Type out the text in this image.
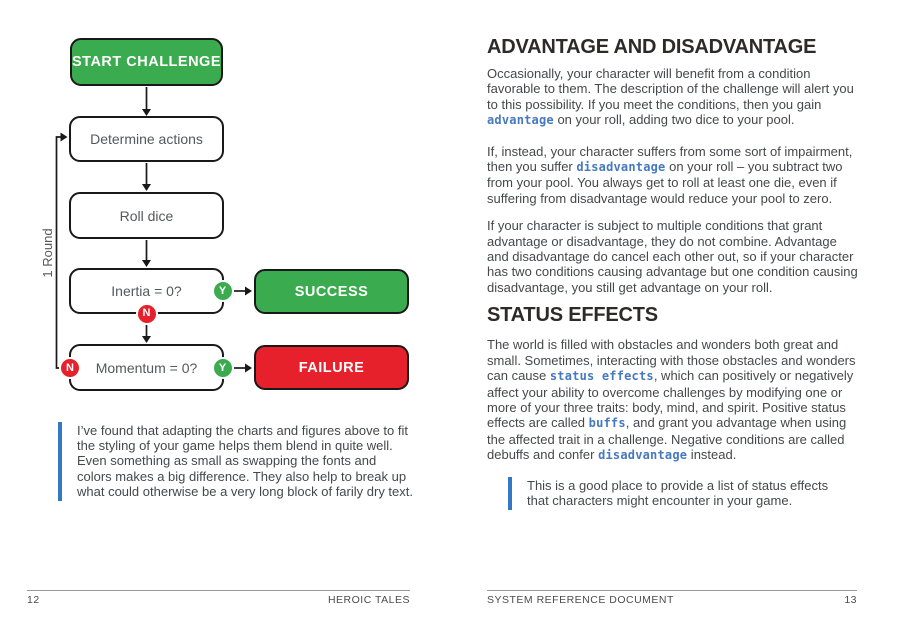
START CHALLENGE
Determine actions
Roll dice
Inertia = 0?
Momentum = 0?
SUCCESS
FAILURE
Y
N
N	Y
1 Round
I’ve found that adapting the charts and figures above to fit the styling of your game helps them blend in quite well. Even something as small as swapping the fonts and colors makes a big difference. They also help to break up what could otherwise be a very long block of farily dry text.
12	HEROIC TALES
ADVANTAGE AND DISADVANTAGE

Occasionally, your character will benefit from a condition favorable to them. The description of the challenge will alert you to this possibility. If you meet the conditions, then you gain advantage on your roll, adding two dice to your pool.

If, instead, your character suffers from some sort of impairment, then you suffer disadvantage on your roll – you subtract two from your pool. You always get to roll at least one die, even if suffering from disadvantage would reduce your pool to zero.

If your character is subject to multiple conditions that grant advantage or disadvantage, they do not combine. Advantage and disadvantage do cancel each other out, so if your character has two conditions causing advantage but one condition causing disadvantage, you still get advantage on your roll.

STATUS EFFECTS

The world is filled with obstacles and wonders both great and small. Sometimes, interacting with those obstacles and wonders can cause status effects, which can positively or negatively affect your ability to overcome challenges by modifying one or more of your three traits: body, mind, and spirit. Positive status effects are called buffs, and grant you advantage when using the affected trait in a challenge. Negative conditions are called debuffs and confer disadvantage instead.

This is a good place to provide a list of status effects that characters might encounter in your game.
SYSTEM REFERENCE DOCUMENT	13
